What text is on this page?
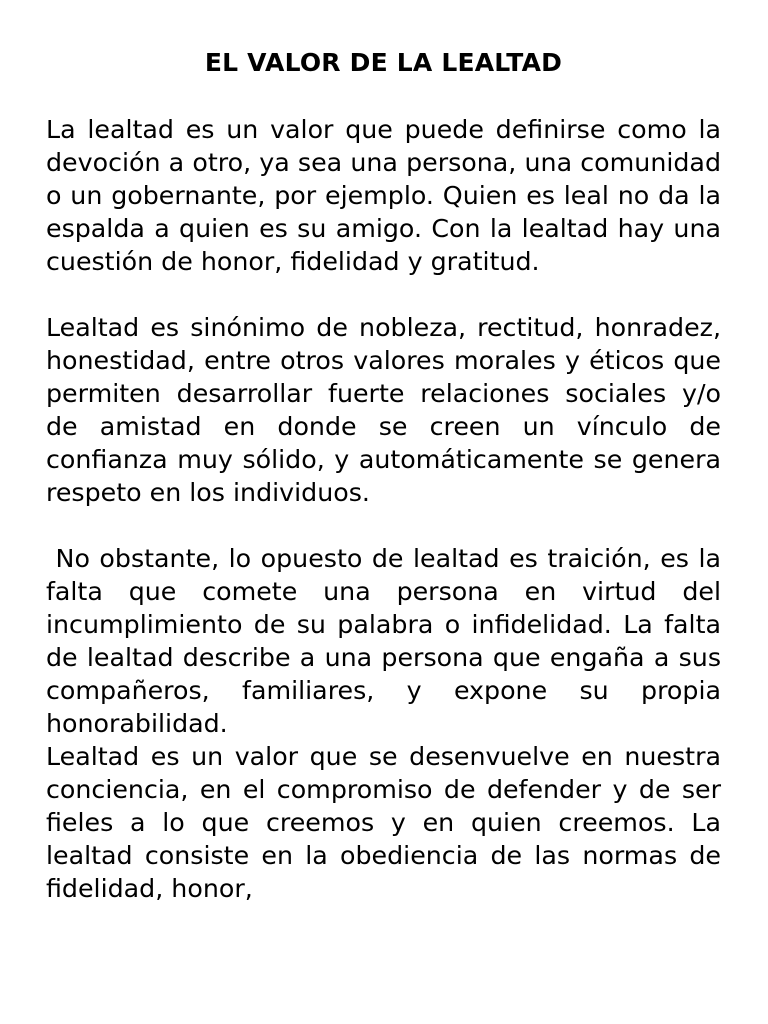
EL VALOR DE LA LEALTAD

La lealtad es un valor que puede definirse como la devoción a otro, ya sea una persona, una comunidad o un gobernante, por ejemplo. Quien es leal no da la espalda a quien es su amigo. Con la lealtad hay una cuestión de honor, fidelidad y gratitud.

Lealtad es sinónimo de nobleza, rectitud, honradez, honestidad, entre otros valores morales y éticos que permiten desarrollar fuerte relaciones sociales y/o de amistad en donde se creen un vínculo de confianza muy sólido, y automáticamente se genera respeto en los individuos.

No obstante, lo opuesto de lealtad es traición, es la falta que comete una persona en virtud del incumplimiento de su palabra o infidelidad. La falta de lealtad describe a una persona que engaña a sus compañeros, familiares, y expone su propia honorabilidad.

Lealtad es un valor que se desenvuelve en nuestra conciencia, en el compromiso de defender y de ser fieles a lo que creemos y en quien creemos. La lealtad consiste en la obediencia de las normas de fidelidad, honor,
